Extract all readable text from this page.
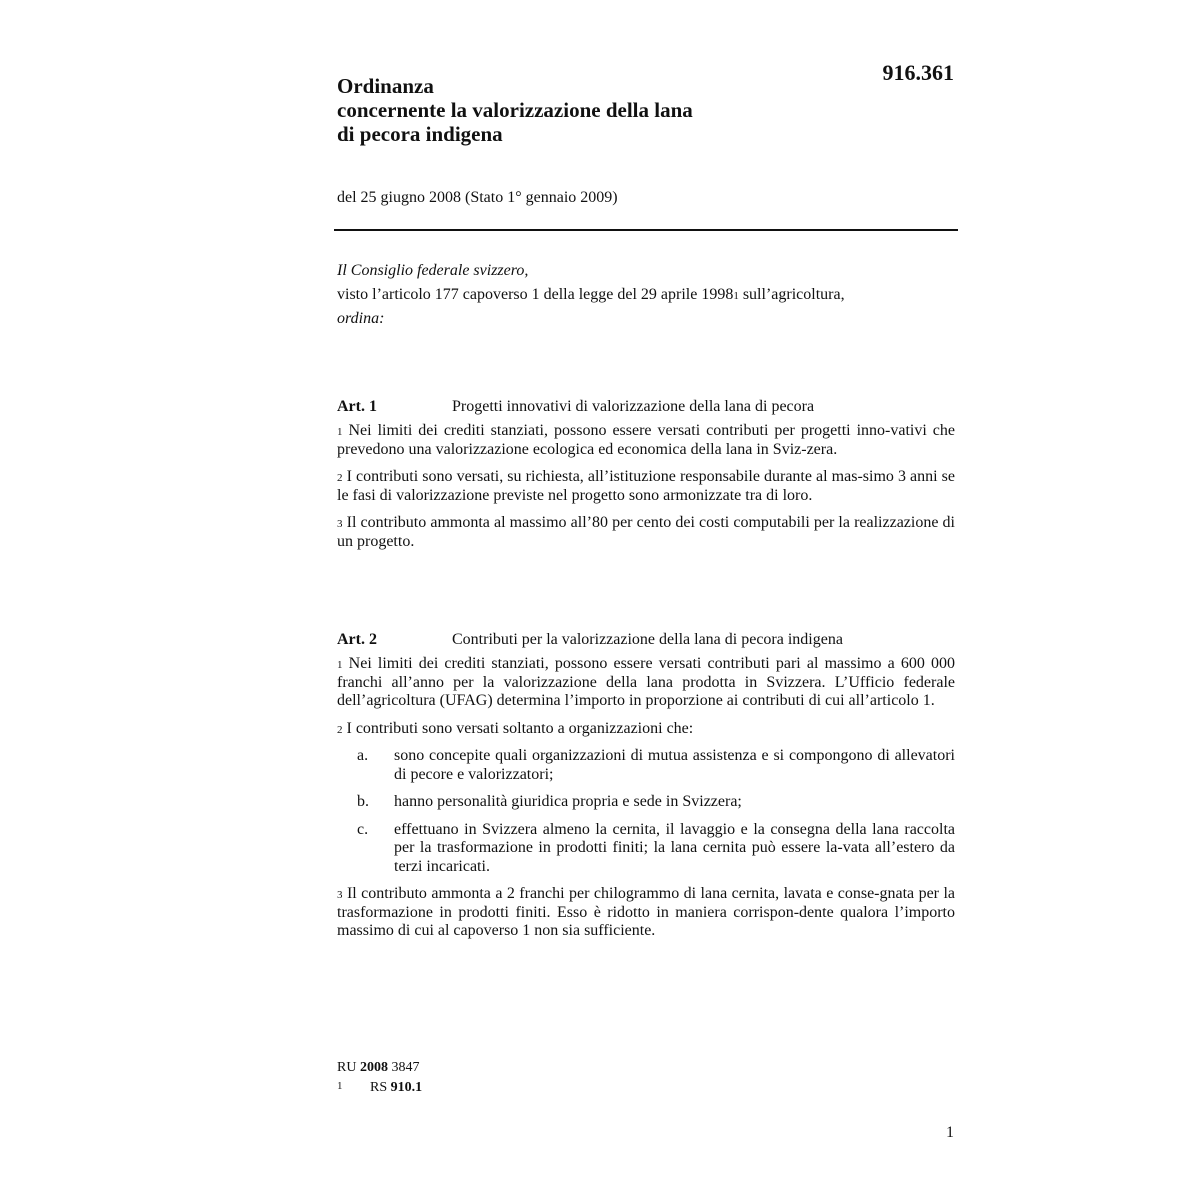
916.361
Ordinanza
concernente la valorizzazione della lana
di pecora indigena
del 25 giugno 2008 (Stato 1° gennaio 2009)
Il Consiglio federale svizzero,
visto l’articolo 177 capoverso 1 della legge del 29 aprile 1998$^1$ sull’agricoltura,
ordina:
Art. 1	Progetti innovativi di valorizzazione della lana di pecora

$^1$ Nei limiti dei crediti stanziati, possono essere versati contributi per progetti inno-vativi che prevedono una valorizzazione ecologica ed economica della lana in Sviz-zera.

$^2$ I contributi sono versati, su richiesta, all’istituzione responsabile durante al mas-simo 3 anni se le fasi di valorizzazione previste nel progetto sono armonizzate tra di loro.

$^3$ Il contributo ammonta al massimo all’80 per cento dei costi computabili per la realizzazione di un progetto.

Art. 2	Contributi per la valorizzazione della lana di pecora indigena

$^1$ Nei limiti dei crediti stanziati, possono essere versati contributi pari al massimo a 600 000 franchi all’anno per la valorizzazione della lana prodotta in Svizzera. L’Ufficio federale dell’agricoltura (UFAG) determina l’importo in proporzione ai contributi di cui all’articolo 1.

$^2$ I contributi sono versati soltanto a organizzazioni che:

a.	sono concepite quali organizzazioni di mutua assistenza e si compongono di allevatori di pecore e valorizzatori;
b.	hanno personalità giuridica propria e sede in Svizzera;
c.	effettuano in Svizzera almeno la cernita, il lavaggio e la consegna della lana raccolta per la trasformazione in prodotti finiti; la lana cernita può essere la-vata all’estero da terzi incaricati.

$^3$ Il contributo ammonta a 2 franchi per chilogrammo di lana cernita, lavata e conse-gnata per la trasformazione in prodotti finiti. Esso è ridotto in maniera corrispon-dente qualora l’importo massimo di cui al capoverso 1 non sia sufficiente.

RU
2008
3847
1	RS
910.1
1
